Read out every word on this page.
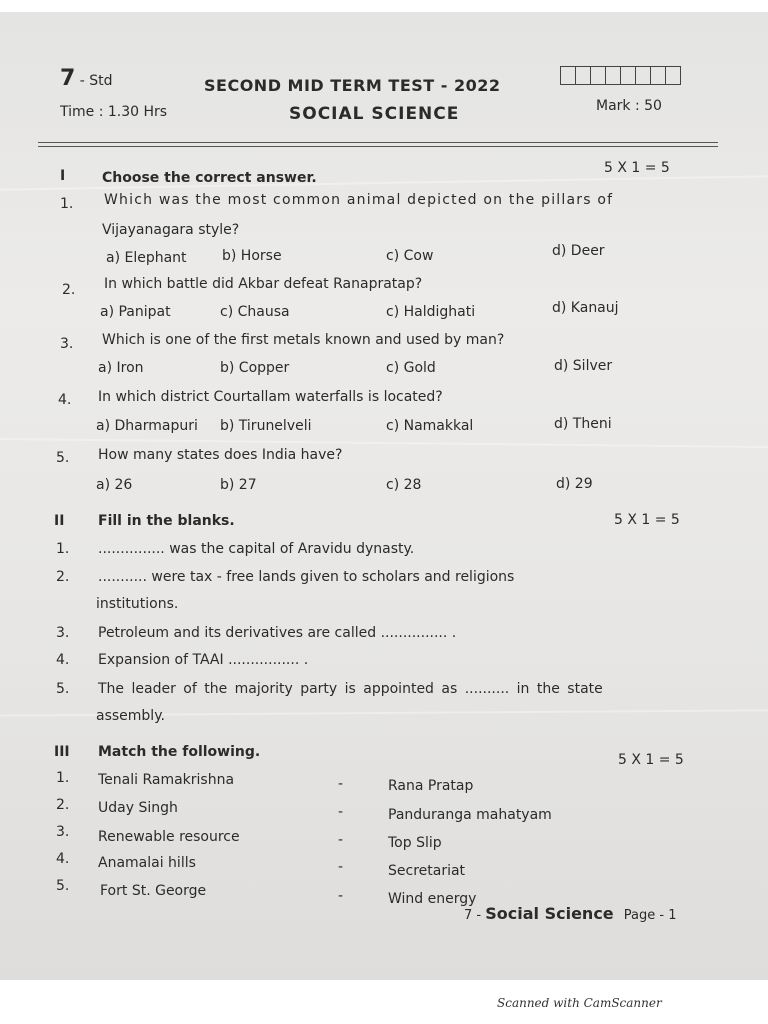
7 - Std	SECOND MID TERM TEST - 2022
Time : 1.30 Hrs	SOCIAL SCIENCE	Mark : 50
I	Choose the correct answer.
5 X 1 = 5
1. Which was the most common animal depicted on the pillars of
Vijayanagara style?
a) Elephant	b) Horse	c) Cow	d) Deer
2. In which battle did Akbar defeat Ranapratap?
a) Panipat	c) Chausa	c) Haldighati	d) Kanauj
3. Which is one of the first metals known and used by man?
a) Iron	b) Copper	c) Gold	d) Silver
4. In which district Courtallam waterfalls is located?
a) Dharmapuri b) Tirunelveli	c) Namakkal	d) Theni
5. How many states does India have?
a) 26	b) 27	c) 28	d) 29
II Fill in the blanks.	5 X 1 = 5
1. ............... was the capital of Aravidu dynasty.
2. ........... were tax - free lands given to scholars and religions
institutions.
3. Petroleum and its derivatives are called ............... .
4. Expansion of TAAI ................ .
5. The leader of the majority party is appointed as .......... in the state
assembly.
III Match the following.	5 X 1 = 5
1. Tenali Ramakrishna	-	Rana Pratap
2. Uday Singh	-	Panduranga mahatyam
3. Renewable resource	-	Top Slip
4. Anamalai hills	-	Secretariat
5. Fort St. George	-	Wind energy
7 - Social Science Page - 1
Scanned with CamScanner
